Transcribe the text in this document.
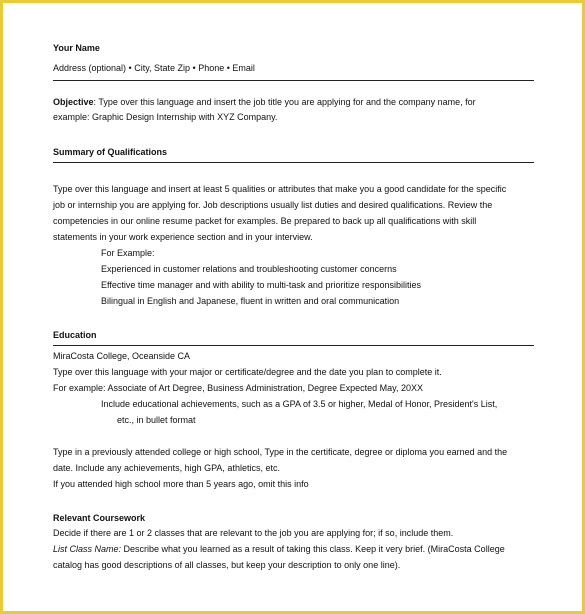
Your Name
Address (optional) • City, State Zip • Phone • Email
Objective: Type over this language and insert the job title you are applying for and the company name, for
example: Graphic Design Internship with XYZ Company.
Summary of Qualifications
Type over this language and insert at least 5 qualities or attributes that make you a good candidate for the specific
job or internship you are applying for. Job descriptions usually list duties and desired qualifications. Review the
competencies in our online resume packet for examples. Be prepared to back up all qualifications with skill
statements in your work experience section and in your interview.
For Example:
Experienced in customer relations and troubleshooting customer concerns
Effective time manager and with ability to multi-task and prioritize responsibilities
Bilingual in English and Japanese, fluent in written and oral communication
Education
MiraCosta College, Oceanside CA
Type over this language with your major or certificate/degree and the date you plan to complete it.
For example: Associate of Art Degree, Business Administration, Degree Expected May, 20XX
Include educational achievements, such as a GPA of 3.5 or higher, Medal of Honor, President's List,
etc., in bullet format
Type in a previously attended college or high school, Type in the certificate, degree or diploma you earned and the
date. Include any achievements, high GPA, athletics, etc.
If you attended high school more than 5 years ago, omit this info
Relevant Coursework
Decide if there are 1 or 2 classes that are relevant to the job you are applying for; if so, include them.
List Class Name: Describe what you learned as a result of taking this class. Keep it very brief. (MiraCosta College
catalog has good descriptions of all classes, but keep your description to only one line).
